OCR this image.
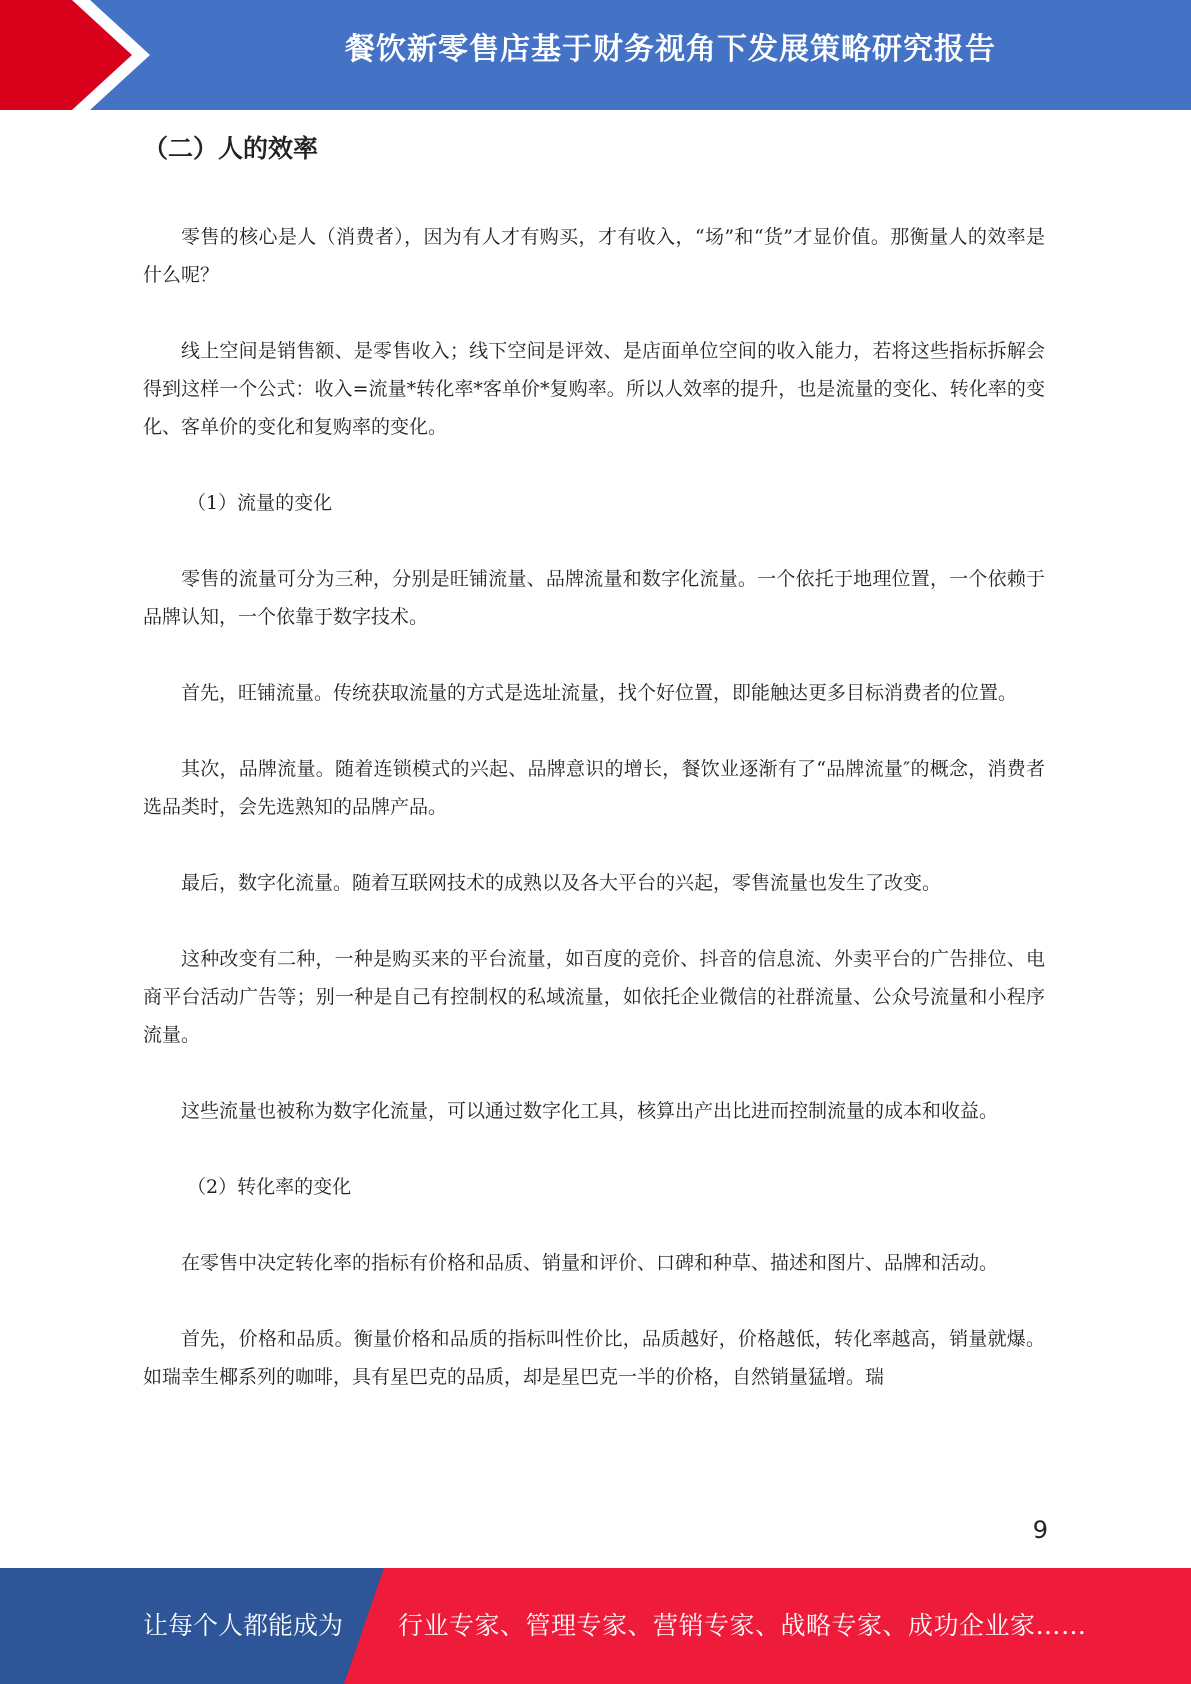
餐饮新零售店基于财务视角下发展策略研究报告
（二）人的效率

零售的核心是人（消费者），因为有人才有购买，才有收入，“场”和“货”才显价值。那衡量人的效率是什么呢？

线上空间是销售额、是零售收入；线下空间是评效、是店面单位空间的收入能力，若将这些指标拆解会得到这样一个公式：收入=流量*转化率*客单价*复购率。所以人效率的提升，也是流量的变化、转化率的变化、客单价的变化和复购率的变化。

（1）流量的变化

零售的流量可分为三种，分别是旺铺流量、品牌流量和数字化流量。一个依托于地理位置，一个依赖于品牌认知，一个依靠于数字技术。

首先，旺铺流量。传统获取流量的方式是选址流量，找个好位置，即能触达更多目标消费者的位置。

其次，品牌流量。随着连锁模式的兴起、品牌意识的增长，餐饮业逐渐有了“品牌流量″的概念，消费者选品类时，会先选熟知的品牌产品。

最后，数字化流量。随着互联网技术的成熟以及各大平台的兴起，零售流量也发生了改变。

这种改变有二种，一种是购买来的平台流量，如百度的竞价、抖音的信息流、外卖平台的广告排位、电商平台活动广告等；别一种是自己有控制权的私域流量，如依托企业微信的社群流量、公众号流量和小程序流量。

这些流量也被称为数字化流量，可以通过数字化工具，核算出产出比进而控制流量的成本和收益。

（2）转化率的变化

在零售中决定转化率的指标有价格和品质、销量和评价、口碑和种草、描述和图片、品牌和活动。

首先，价格和品质。衡量价格和品质的指标叫性价比，品质越好，价格越低，转化率越高，销量就爆。如瑞幸生椰系列的咖啡，具有星巴克的品质，却是星巴克一半的价格，自然销量猛增。瑞

9
让每个人都能成为 行业专家、管理专家、营销专家、战略专家、成功企业家……
